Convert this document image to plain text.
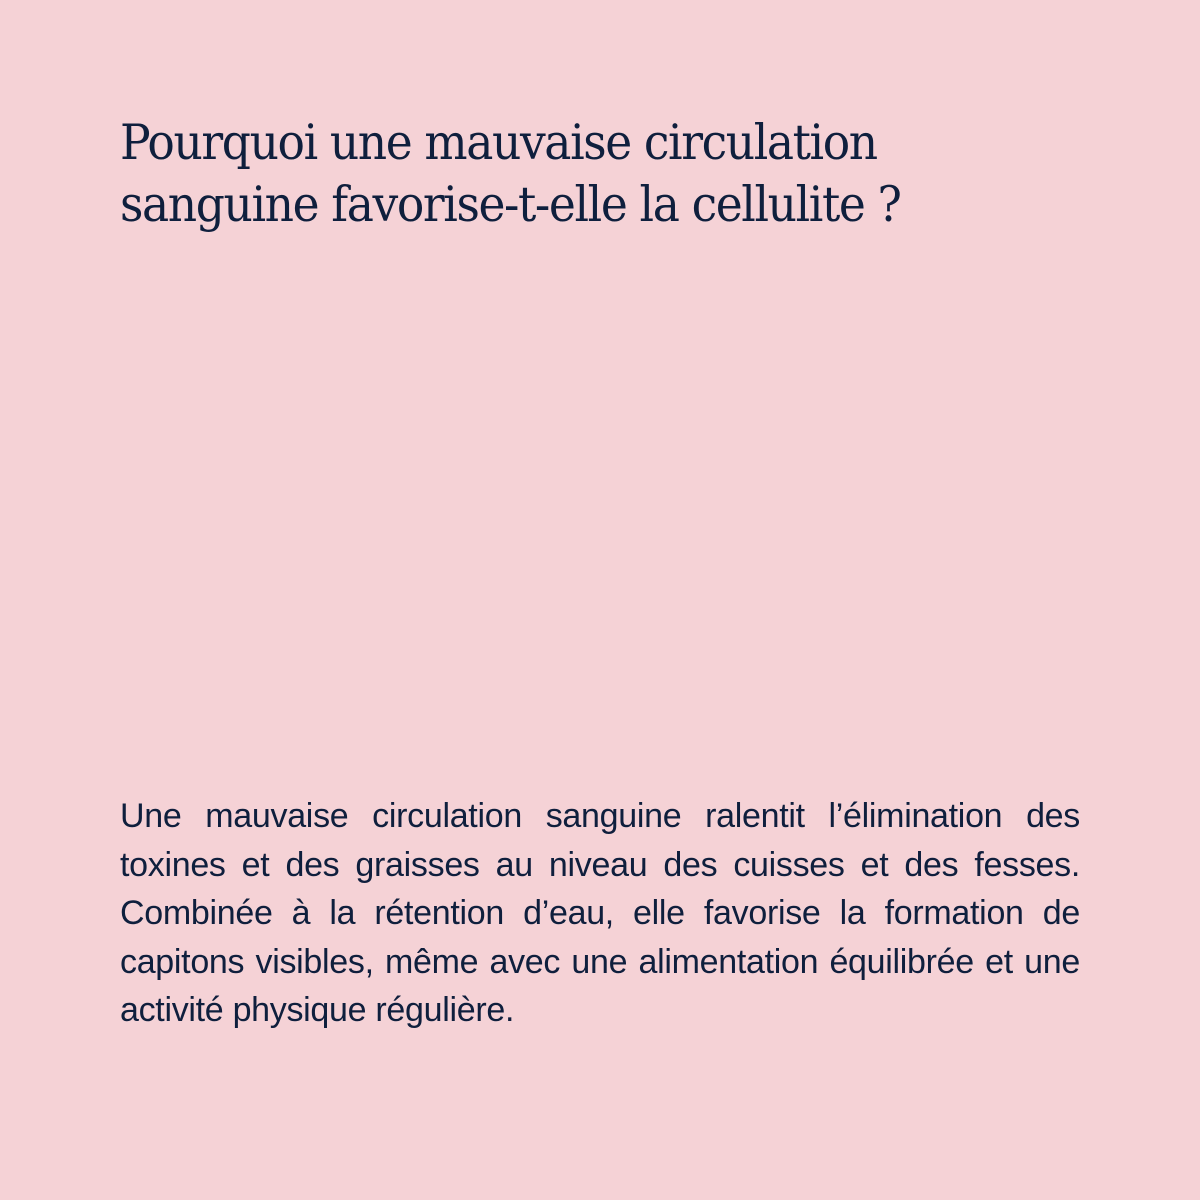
Pourquoi une mauvaise circulation
sanguine favorise-t-elle la cellulite ?

Une mauvaise circulation sanguine ralentit l’élimination des toxines et des graisses au niveau des cuisses et des fesses. Combinée à la rétention d’eau, elle favorise la formation de capitons visibles, même avec une alimentation équilibrée et une activité physique régulière.
